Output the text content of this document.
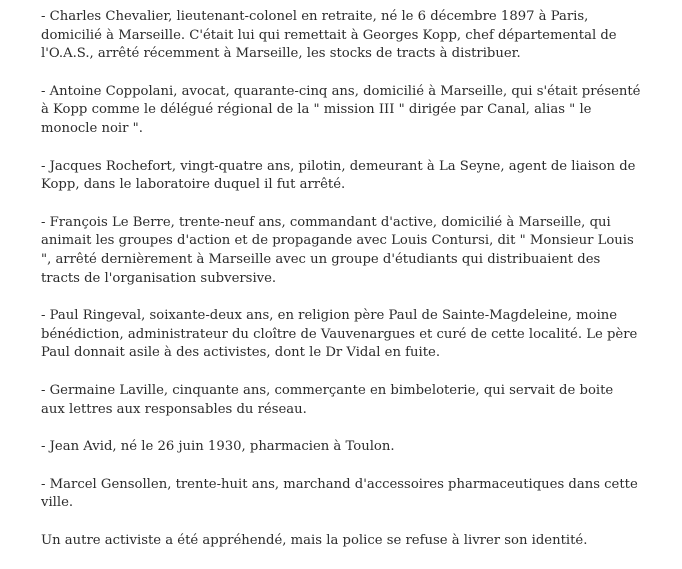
- Charles Chevalier, lieutenant-colonel en retraite, né le 6 décembre 1897 à Paris, domicilié à Marseille. C'était lui qui remettait à Georges Kopp, chef départemental de l'O.A.S., arrêté récemment à Marseille, les stocks de tracts à distribuer.

- Antoine Coppolani, avocat, quarante-cinq ans, domicilié à Marseille, qui s'était présenté à Kopp comme le délégué régional de la " mission III " dirigée par Canal, alias " le monocle noir ".

- Jacques Rochefort, vingt-quatre ans, pilotin, demeurant à La Seyne, agent de liaison de Kopp, dans le laboratoire duquel il fut arrêté.

- François Le Berre, trente-neuf ans, commandant d'active, domicilié à Marseille, qui animait les groupes d'action et de propagande avec Louis Contursi, dit " Monsieur Louis ", arrêté dernièrement à Marseille avec un groupe d'étudiants qui distribuaient des tracts de l'organisation subversive.

- Paul Ringeval, soixante-deux ans, en religion père Paul de Sainte-Magdeleine, moine bénédiction, administrateur du cloître de Vauvenargues et curé de cette localité. Le père Paul donnait asile à des activistes, dont le Dr Vidal en fuite.

- Germaine Laville, cinquante ans, commerçante en bimbeloterie, qui servait de boite aux lettres aux responsables du réseau.

- Jean Avid, né le 26 juin 1930, pharmacien à Toulon.

- Marcel Gensollen, trente-huit ans, marchand d'accessoires pharmaceutiques dans cette ville.

Un autre activiste a été appréhendé, mais la police se refuse à livrer son identité.
